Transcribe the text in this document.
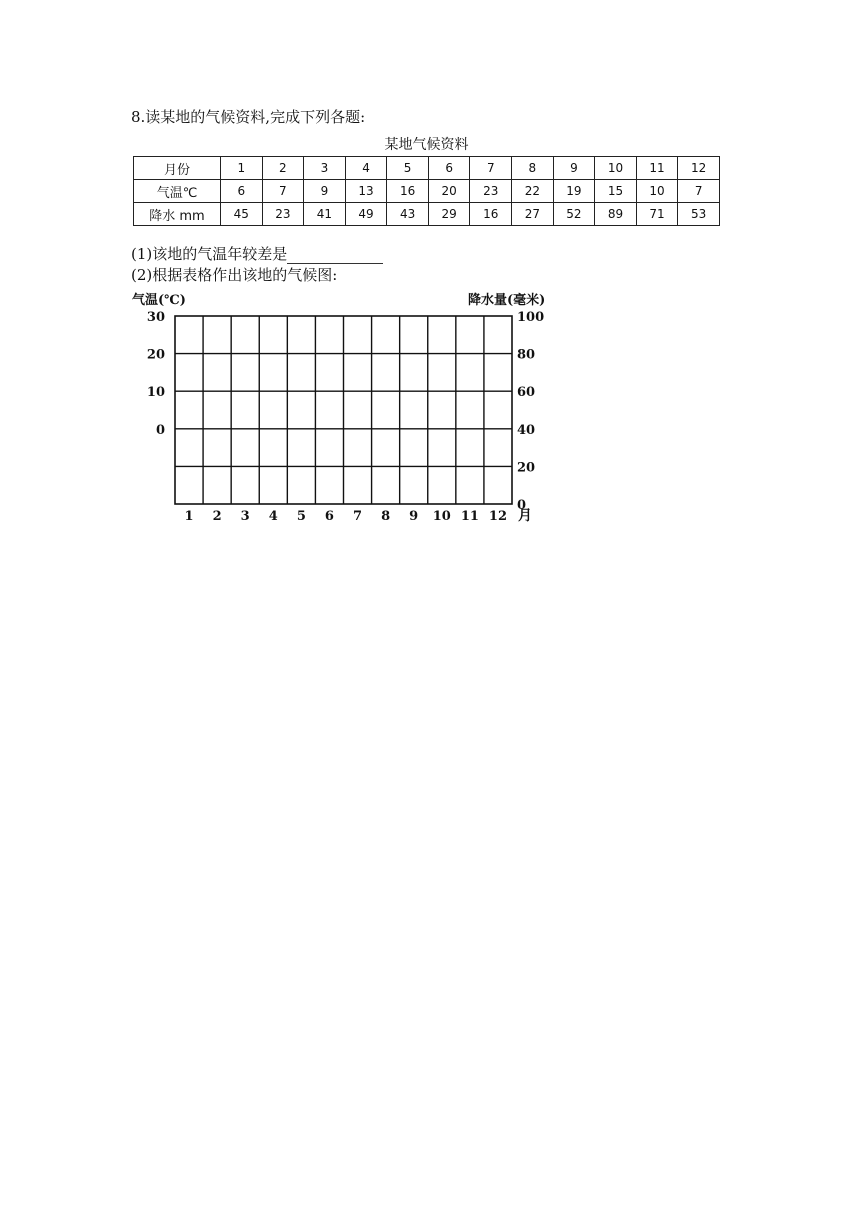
8.读某地的气候资料,完成下列各题:
某地气候资料
月份	1	2	3	4	5	6	7	8	9	10	11	12
气温℃	6	7	9	13	16	20	23	22	19	15	10	7
降水 mm	45	23	41	49	43	29	16	27	52	89	71	53
(1)该地的气温年较差是
(2)根据表格作出该地的气候图:
气温(℃)	降水量(毫米)
30
20
10
0
100
80
60
40
20
0
1 2 3 4 5 6 7 8 9 10 11 12 月
